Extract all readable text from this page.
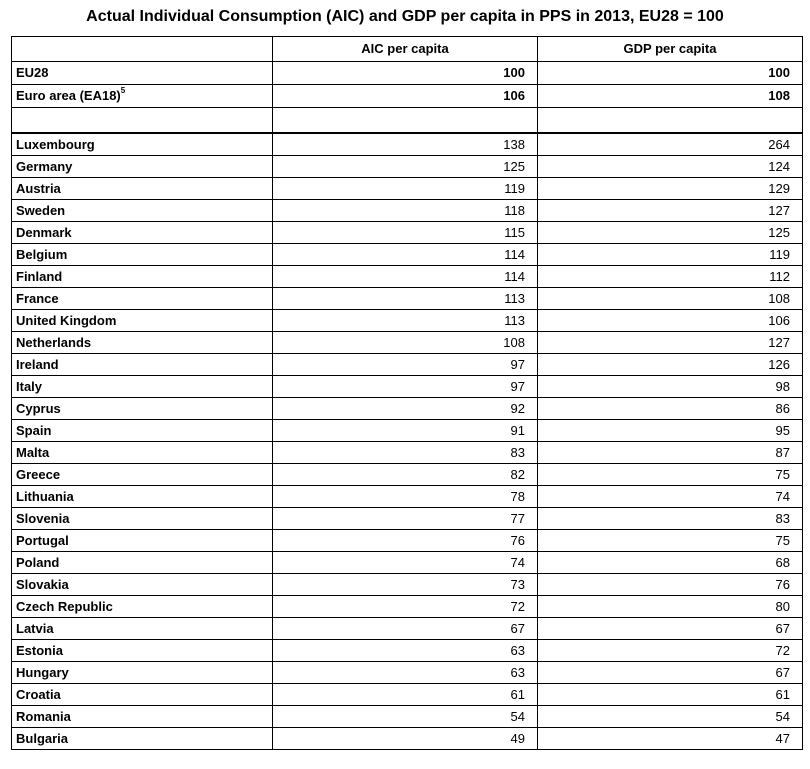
Actual Individual Consumption (AIC) and GDP per capita in PPS in 2013, EU28 = 100
	AIC per capita	GDP per capita
EU28	100	100
Euro area $(EA18)^5$	106	108

Luxembourg	138	264
Germany	125	124
Austria	119	129
Sweden	118	127
Denmark	115	125
Belgium	114	119
Finland	114	112
France	113	108
United Kingdom	113	106
Netherlands	108	127
Ireland	97	126
Italy	97	98
Cyprus	92	86
Spain	91	95
Malta	83	87
Greece	82	75
Lithuania	78	74
Slovenia	77	83
Portugal	76	75
Poland	74	68
Slovakia	73	76
Czech Republic	72	80
Latvia	67	67
Estonia	63	72
Hungary	63	67
Croatia	61	61
Romania	54	54
Bulgaria	49	47
